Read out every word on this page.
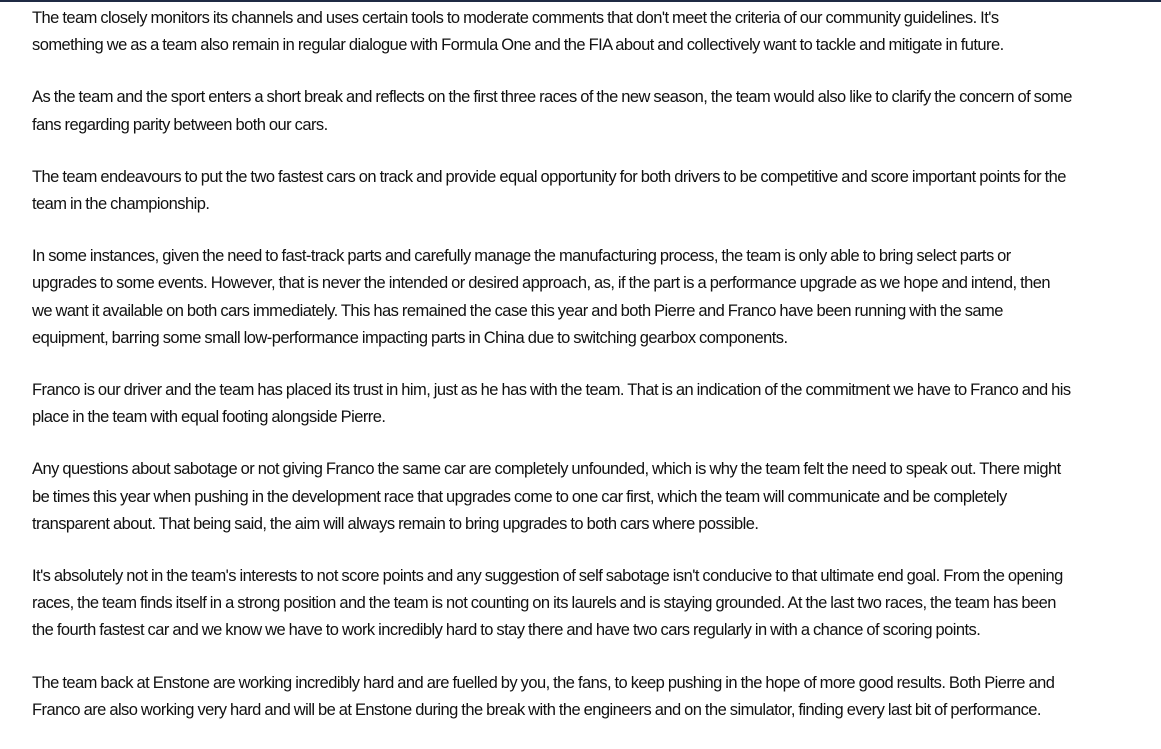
The team closely monitors its channels and uses certain tools to moderate comments that don't meet the criteria of our community guidelines. It's something we as a team also remain in regular dialogue with Formula One and the FIA about and collectively want to tackle and mitigate in future.

As the team and the sport enters a short break and reflects on the first three races of the new season, the team would also like to clarify the concern of some fans regarding parity between both our cars.

The team endeavours to put the two fastest cars on track and provide equal opportunity for both drivers to be competitive and score important points for the team in the championship.

In some instances, given the need to fast-track parts and carefully manage the manufacturing process, the team is only able to bring select parts or upgrades to some events. However, that is never the intended or desired approach, as, if the part is a performance upgrade as we hope and intend, then we want it available on both cars immediately. This has remained the case this year and both Pierre and Franco have been running with the same equipment, barring some small low-performance impacting parts in China due to switching gearbox components.

Franco is our driver and the team has placed its trust in him, just as he has with the team. That is an indication of the commitment we have to Franco and his place in the team with equal footing alongside Pierre.

Any questions about sabotage or not giving Franco the same car are completely unfounded, which is why the team felt the need to speak out. There might be times this year when pushing in the development race that upgrades come to one car first, which the team will communicate and be completely transparent about. That being said, the aim will always remain to bring upgrades to both cars where possible.

It's absolutely not in the team's interests to not score points and any suggestion of self sabotage isn't conducive to that ultimate end goal. From the opening races, the team finds itself in a strong position and the team is not counting on its laurels and is staying grounded. At the last two races, the team has been the fourth fastest car and we know we have to work incredibly hard to stay there and have two cars regularly in with a chance of scoring points.

The team back at Enstone are working incredibly hard and are fuelled by you, the fans, to keep pushing in the hope of more good results. Both Pierre and Franco are also working very hard and will be at Enstone during the break with the engineers and on the simulator, finding every last bit of performance.
